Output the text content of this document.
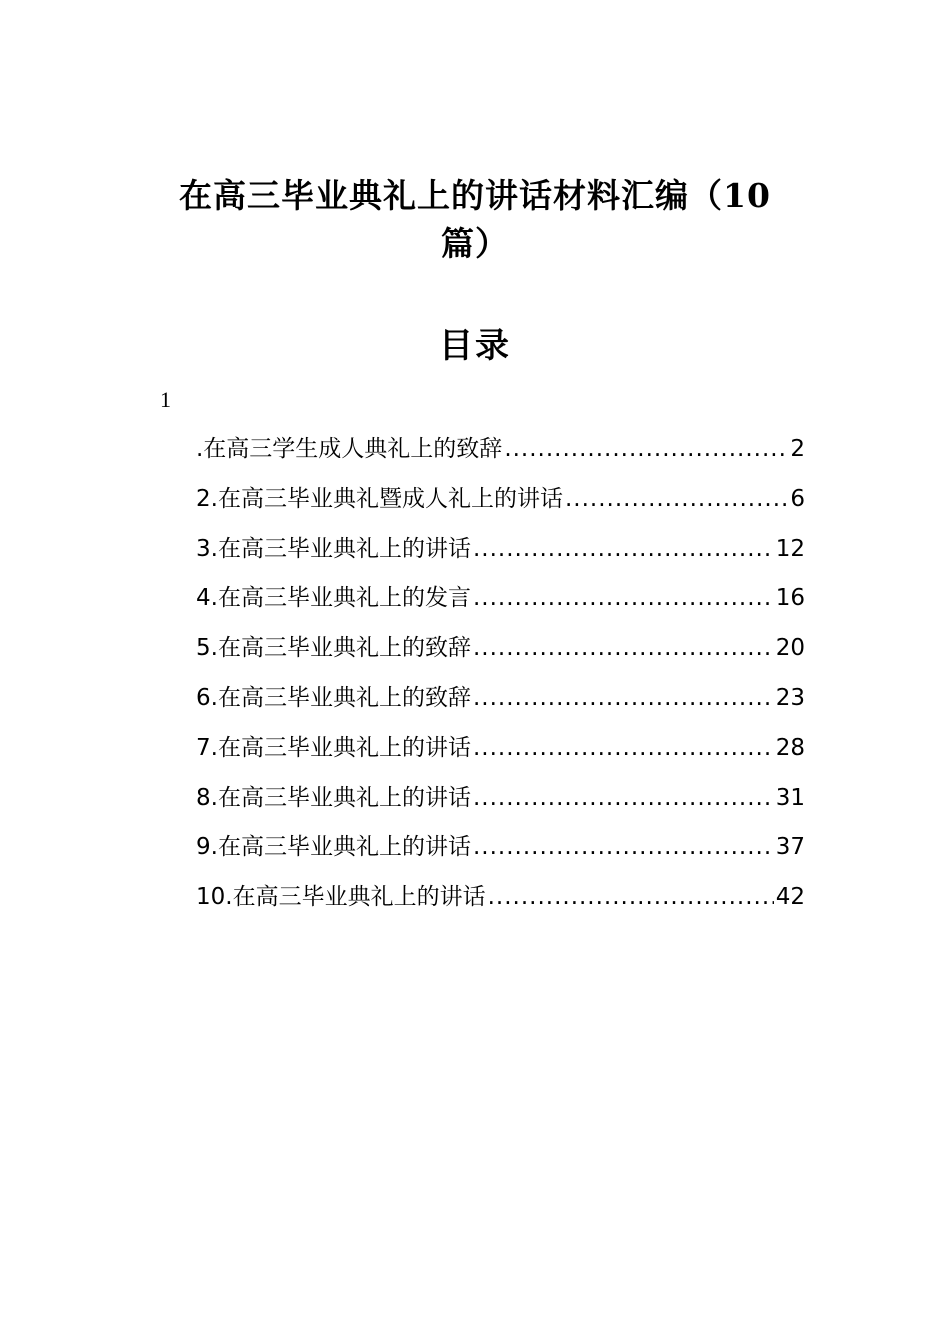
在高三毕业典礼上的讲话材料汇编（10
篇）
目录
1
.在高三学生成人典礼上的致辞 .....	2
2.在高三毕业典礼暨成人礼上的讲话 .....	6
3.在高三毕业典礼上的讲话 .....	12
4.在高三毕业典礼上的发言 .....	16
5.在高三毕业典礼上的致辞 .....	20
6.在高三毕业典礼上的致辞 .....	23
7.在高三毕业典礼上的讲话 .....	28
8.在高三毕业典礼上的讲话 .....	31
9.在高三毕业典礼上的讲话 .....	37
10.在高三毕业典礼上的讲话 .....	42
